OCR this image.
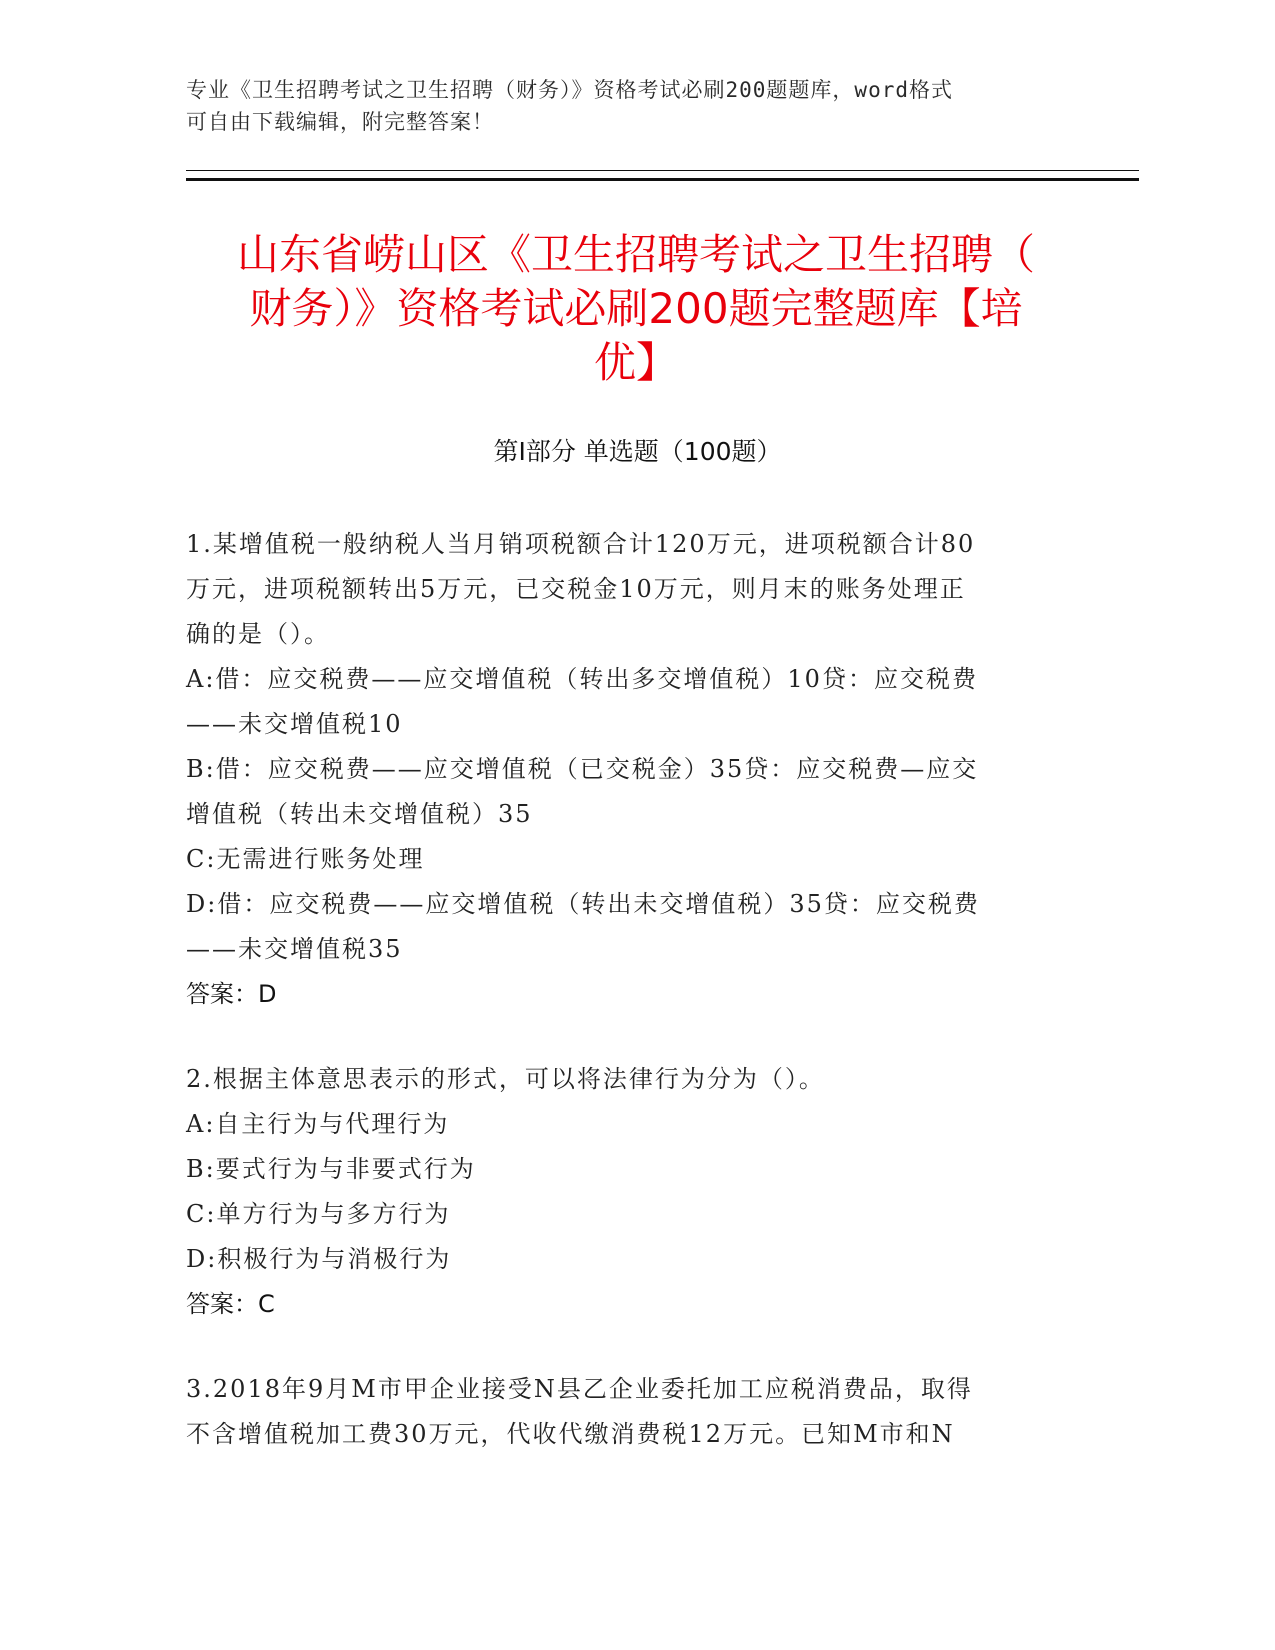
专业《卫生招聘考试之卫生招聘（财务）》资格考试必刷200题题库，word格式
可自由下载编辑，附完整答案！
山东省崂山区《卫生招聘考试之卫生招聘（
财务）》资格考试必刷200题完整题库【培
优】
第Ⅰ部分 单选题（100题）

1.某增值税一般纳税人当月销项税额合计120万元，进项税额合计80

万元，进项税额转出5万元，已交税金10万元，则月末的账务处理正

确的是（）。

A:借：应交税费——应交增值税（转出多交增值税）10贷：应交税费

——未交增值税10

B:借：应交税费——应交增值税（已交税金）35贷：应交税费—应交

增值税（转出未交增值税）35

C:无需进行账务处理

D:借：应交税费——应交增值税（转出未交增值税）35贷：应交税费

——未交增值税35

答案：D

2.根据主体意思表示的形式，可以将法律行为分为（）。

A:自主行为与代理行为

B:要式行为与非要式行为

C:单方行为与多方行为

D:积极行为与消极行为

答案：C

3.2018年9月M市甲企业接受N县乙企业委托加工应税消费品，取得

不含增值税加工费30万元，代收代缴消费税12万元。已知M市和N
